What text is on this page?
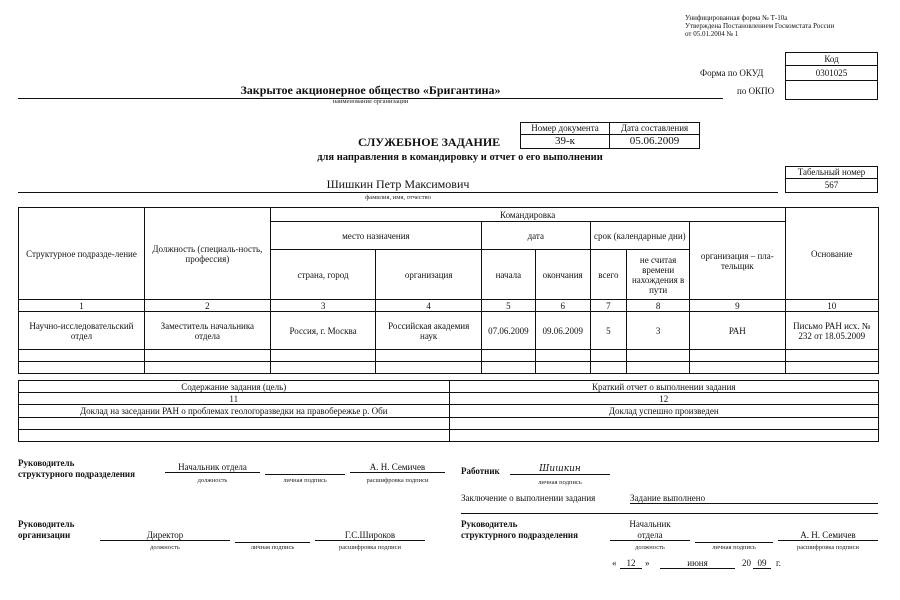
Унифицированная форма № Т-10а
Утверждена Постановлением Госкомстата России
от 05.01.2004 № 1
Код
0301025
Форма по ОКУД
по ОКПО
Закрытое акционерное общество «Бригантина»
наименование организации
Номер документа	Дата составления
39-к	05.06.2009
СЛУЖЕБНОЕ ЗАДАНИЕ
для направления в командировку и отчет о его выполнении
Табельный номер
567
Шишкин Петр Максимович
фамилия, имя, отчество
Структурное подразде-ление	Должность (специаль-ность, профессия)	Командировка							Основание
		место назначения		дата		срок (календарные дни)		организация – пла-тельщик	
		страна, город	организация	начала	окончания	всего	не считая времени нахождения в пути		
1	2	3	4	5	6	7	8	9	10
Научно-исследовательский отдел	Заместитель начальника отдела	Россия, г. Москва	Российская академия наук	07.06.2009	09.06.2009	5	3	РАН	Письмо РАН исх. № 232 от 18.05.2009

Содержание задания (цель)	Краткий отчет о выполнении задания
11	12
Доклад на заседании РАН о проблемах геологоразведки на правобережье р. Оби	Доклад успешно произведен

Руководитель
структурного подразделения
Начальник отдела	А. Н. Семичев
должность	личная подпись	расшифровка подписи
Работник	Шишкин
личная подпись
Заключение о выполнении задания	Задание выполнено
Руководитель
организации	Директор	Г.С.Широков
должность	личная подпись	расшифровка подписи
Руководитель
структурного подразделения
Начальник
отдела	А. Н. Семичев
должность	личная подпись	расшифровка подписи
«	12	»	июня	20 09	г.
